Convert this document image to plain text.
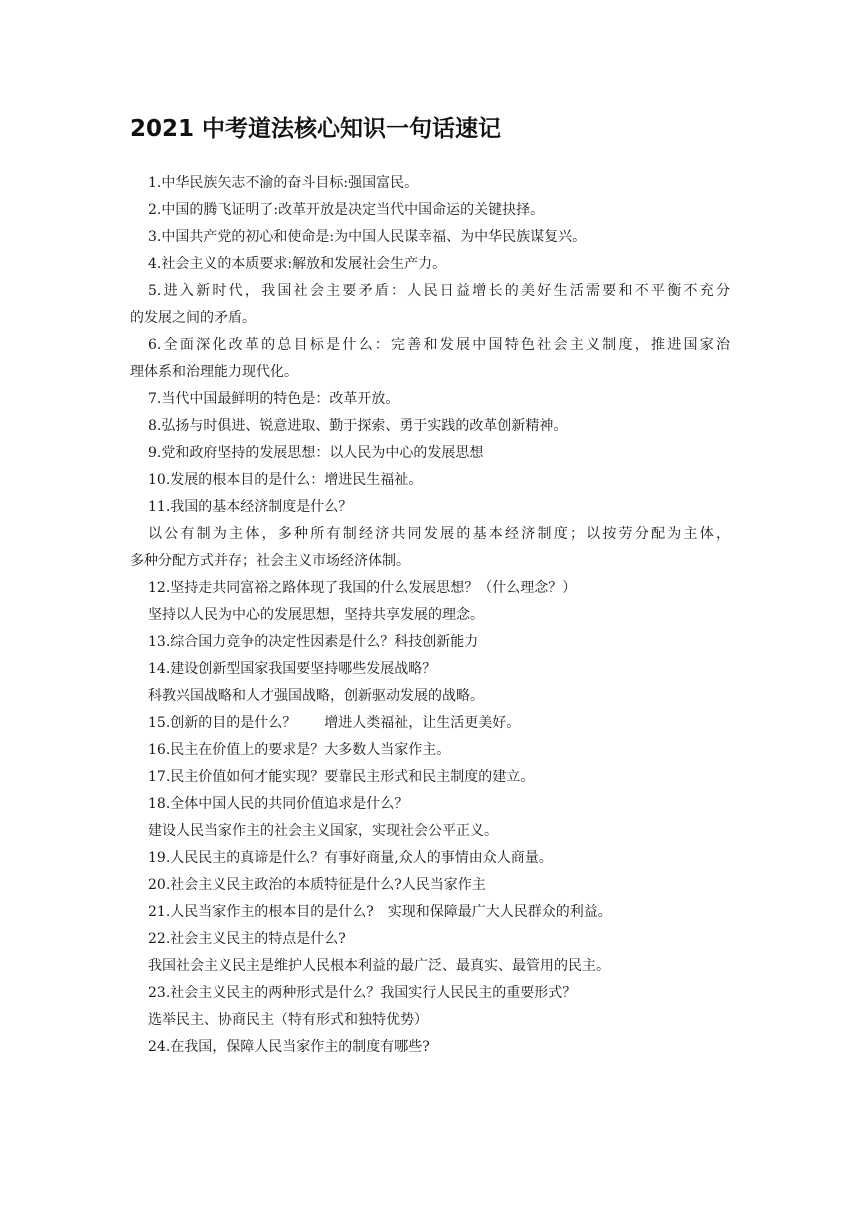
2021 中考道法核心知识一句话速记
1.中华民族矢志不渝的奋斗目标:强国富民。
2.中国的腾飞证明了:改革开放是决定当代中国命运的关键抉择。
3.中国共产党的初心和使命是:为中国人民谋幸福、为中华民族谋复兴。
4.社会主义的本质要求:解放和发展社会生产力。
5.进入新时代，我国社会主要矛盾：人民日益增长的美好生活需要和不平衡不充分
的发展之间的矛盾。
6.全面深化改革的总目标是什么：完善和发展中国特色社会主义制度，推进国家治
理体系和治理能力现代化。
7.当代中国最鲜明的特色是：改革开放。
8.弘扬与时俱进、锐意进取、勤于探索、勇于实践的改革创新精神。
9.党和政府坚持的发展思想：以人民为中心的发展思想
10.发展的根本目的是什么：增进民生福祉。
11.我国的基本经济制度是什么？
以公有制为主体，多种所有制经济共同发展的基本经济制度；以按劳分配为主体，
多种分配方式并存；社会主义市场经济体制。
12.坚持走共同富裕之路体现了我国的什么发展思想？（什么理念？）
坚持以人民为中心的发展思想，坚持共享发展的理念。
13.综合国力竞争的决定性因素是什么？科技创新能力
14.建设创新型国家我国要坚持哪些发展战略？
科教兴国战略和人才强国战略，创新驱动发展的战略。
15.创新的目的是什么？　　增进人类福祉，让生活更美好。
16.民主在价值上的要求是？大多数人当家作主。
17.民主价值如何才能实现？要靠民主形式和民主制度的建立。
18.全体中国人民的共同价值追求是什么？
建设人民当家作主的社会主义国家，实现社会公平正义。
19.人民民主的真谛是什么？有事好商量,众人的事情由众人商量。
20.社会主义民主政治的本质特征是什么?人民当家作主
21.人民当家作主的根本目的是什么?　实现和保障最广大人民群众的利益。
22.社会主义民主的特点是什么?
我国社会主义民主是维护人民根本利益的最广泛、最真实、最管用的民主。
23.社会主义民主的两种形式是什么？我国实行人民民主的重要形式？
选举民主、协商民主（特有形式和独特优势）
24.在我国，保障人民当家作主的制度有哪些?
